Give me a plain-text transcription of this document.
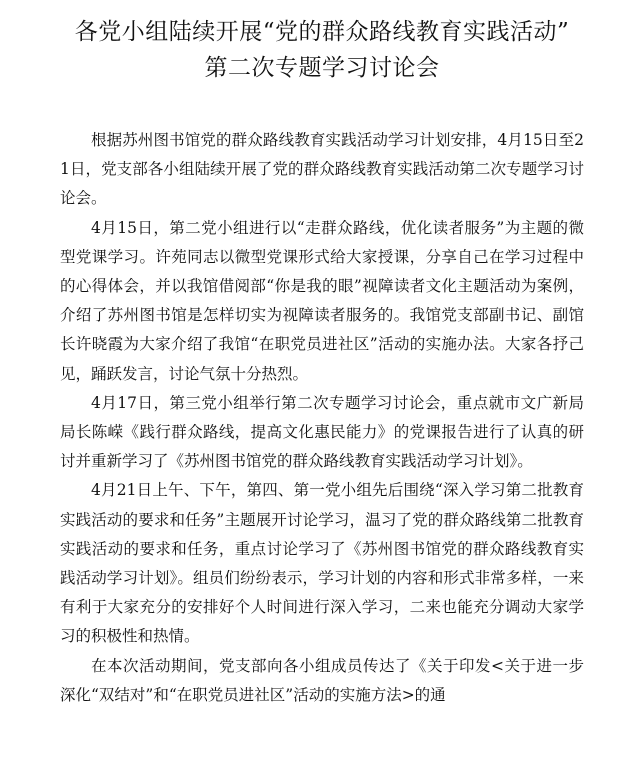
各党小组陆续开展“党的群众路线教育实践活动”
第二次专题学习讨论会

根据苏州图书馆党的群众路线教育实践活动学习计划安排，4月15日至21日，党支部各小组陆续开展了党的群众路线教育实践活动第二次专题学习讨论会。

4月15日，第二党小组进行以“走群众路线，优化读者服务”为主题的微型党课学习。许苑同志以微型党课形式给大家授课，分享自己在学习过程中的心得体会，并以我馆借阅部“你是我的眼”视障读者文化主题活动为案例，介绍了苏州图书馆是怎样切实为视障读者服务的。我馆党支部副书记、副馆长许晓霞为大家介绍了我馆“在职党员进社区”活动的实施办法。大家各抒己见，踊跃发言，讨论气氛十分热烈。

4月17日，第三党小组举行第二次专题学习讨论会，重点就市文广新局局长陈嵘《践行群众路线，提高文化惠民能力》的党课报告进行了认真的研讨并重新学习了《苏州图书馆党的群众路线教育实践活动学习计划》。

4月21日上午、下午，第四、第一党小组先后围绕“深入学习第二批教育实践活动的要求和任务”主题展开讨论学习，温习了党的群众路线第二批教育实践活动的要求和任务，重点讨论学习了《苏州图书馆党的群众路线教育实践活动学习计划》。组员们纷纷表示，学习计划的内容和形式非常多样，一来有利于大家充分的安排好个人时间进行深入学习，二来也能充分调动大家学习的积极性和热情。

在本次活动期间，党支部向各小组成员传达了《关于印发<关于进一步深化“双结对”和“在职党员进社区”活动的实施方法>的通
